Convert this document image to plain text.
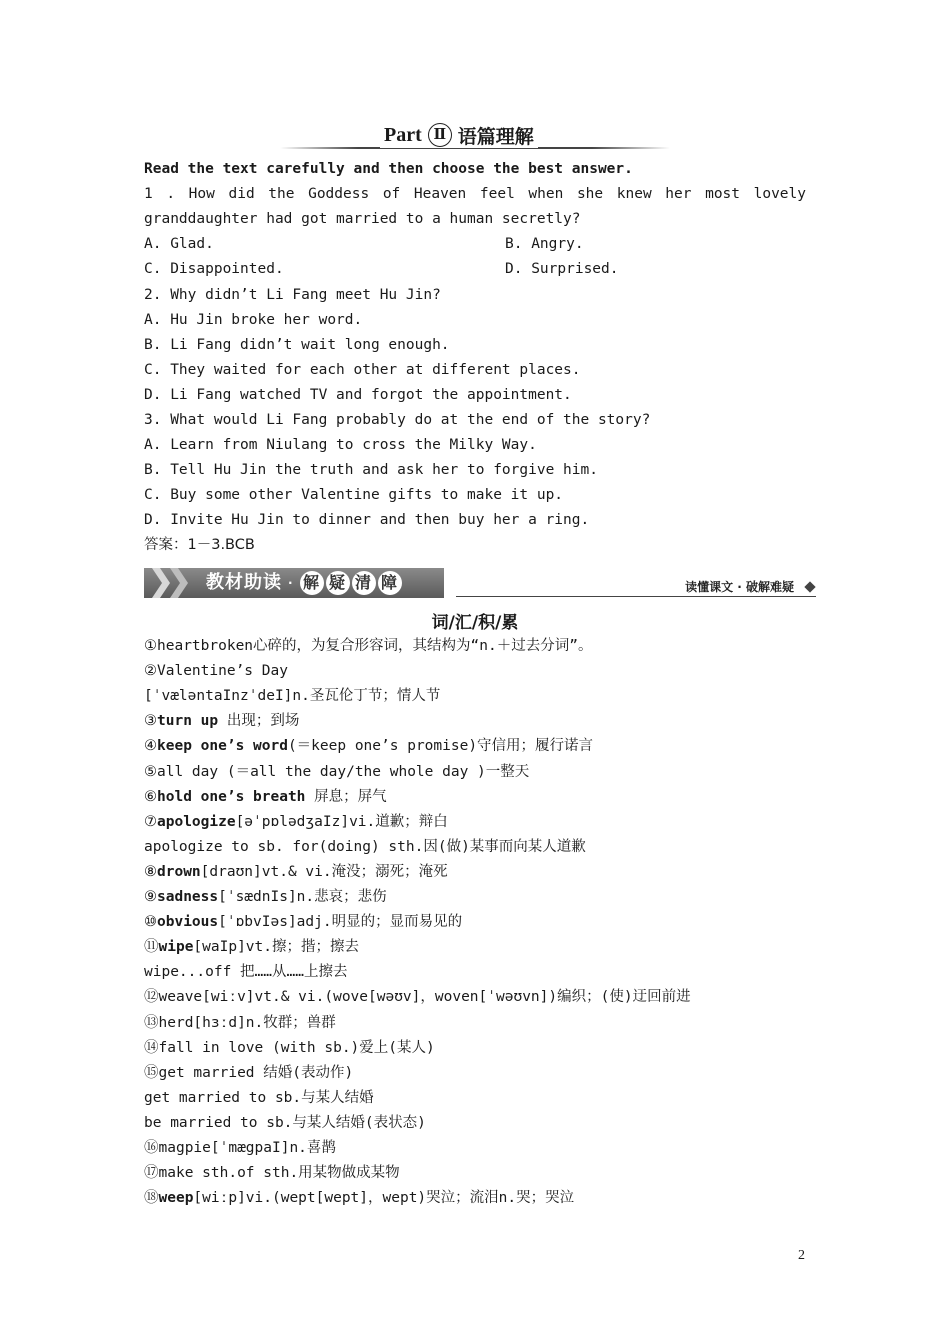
Part Ⅱ 语篇理解
Read the text carefully and then choose the best answer.
1 . How did the Goddess of Heaven feel when she knew her most lovely
granddaughter had got married to a human secretly?
A. Glad.	B. Angry.
C. Disappointed.	D. Surprised.
2. Why didn’t Li Fang meet Hu Jin?
A. Hu Jin broke her word.
B. Li Fang didn’t wait long enough.
C. They waited for each other at different places.
D. Li Fang watched TV and forgot the appointment.
3. What would Li Fang probably do at the end of the story?
A. Learn from Niulang to cross the Milky Way.
B. Tell Hu Jin the truth and ask her to forgive him.
C. Buy some other Valentine gifts to make it up.
D. Invite Hu Jin to dinner and then buy her a ring.
答案：1－3.BCB
教材助读 · 解 疑 清 障	读懂课文 · 破解难疑
词/汇/积/累
①heartbroken心碎的，为复合形容词，其结构为“n.＋过去分词”。
②Valentine’s Day
[ˈvæləntaInzˈdeI]n.圣瓦伦丁节；情人节
③turn up 出现；到场
④keep one’s word(＝keep one’s promise)守信用；履行诺言
⑤all day (＝all the day/the whole day )一整天
⑥hold one’s breath 屏息；屏气
⑦apologize[əˈpɒlədʒaIz]vi.道歉；辩白
apologize to sb. for(doing) sth.因(做)某事而向某人道歉
⑧drown[draʊn]vt.& vi.淹没；溺死；淹死
⑨sadness[ˈsædnIs]n.悲哀；悲伤
⑩obvious[ˈɒbvIəs]adj.明显的；显而易见的
⑪wipe[waIp]vt.擦；揩；擦去
wipe...off 把……从……上擦去
⑫weave[wiːv]vt.& vi.(wove[wəʊv]，woven[ˈwəʊvn])编织；(使)迂回前进
⑬herd[hɜːd]n.牧群；兽群
⑭fall in love (with sb.)爱上(某人)
⑮get married 结婚(表动作)
get married to sb.与某人结婚
be married to sb.与某人结婚(表状态)
⑯magpie[ˈmægpaI]n.喜鹊
⑰make sth.of sth.用某物做成某物
⑱weep[wiːp]vi.(wept[wept]，wept)哭泣；流泪n.哭；哭泣
2
